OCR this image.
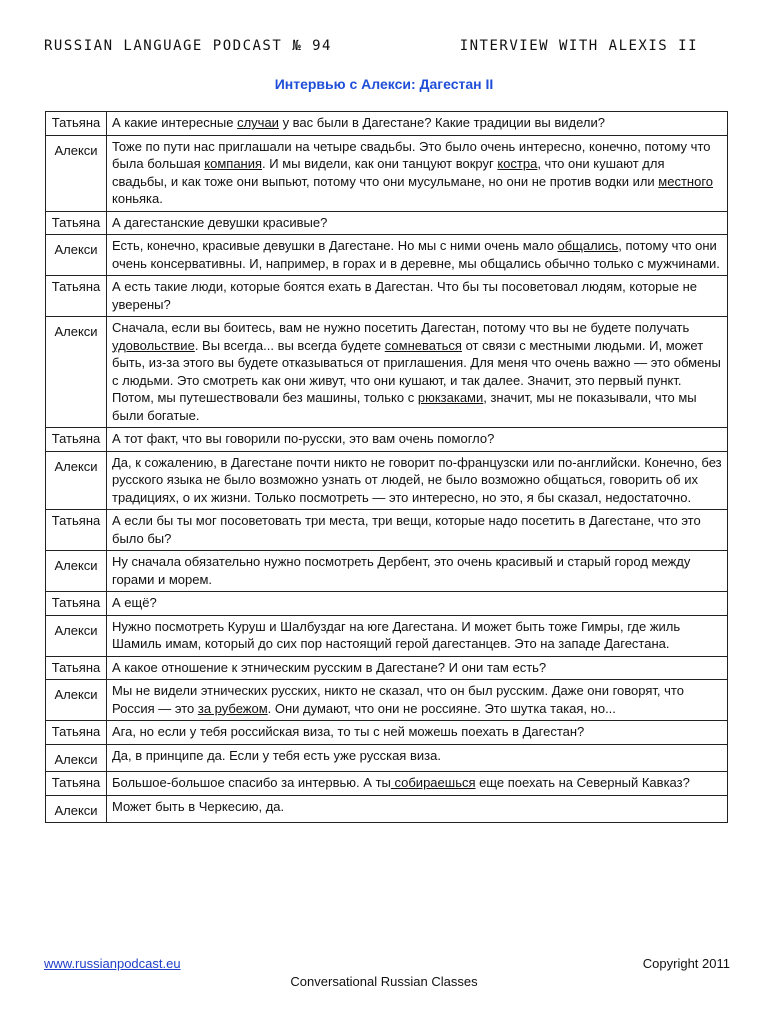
RUSSIAN LANGUAGE PODCAST № 94	INTERVIEW WITH ALEXIS II
Интервью с Алекси: Дагестан II
Татьяна	А какие интересные случаи у вас были в Дагестане? Какие традиции вы видели?
Алекси	Тоже по пути нас приглашали на четыре свадьбы. Это было очень интересно, конечно, потому что была большая компания. И мы видели, как они танцуют вокруг костра, что они кушают для свадьбы, и как тоже они выпьют, потому что они мусульмане, но они не против водки или местного коньяка.
Татьяна	А дагестанские девушки красивые?
Алекси	Есть, конечно, красивые девушки в Дагестане. Но мы с ними очень мало общались, потому что они очень консервативны. И, например, в горах и в деревне, мы общались обычно только с мужчинами.
Татьяна	А есть такие люди, которые боятся ехать в Дагестан. Что бы ты посоветовал людям, которые не уверены?
Алекси	Сначала, если вы боитесь, вам не нужно посетить Дагестан, потому что вы не будете получать удовольствие. Вы всегда... вы всегда будете сомневаться от связи с местными людьми. И, может быть, из-за этого вы будете отказываться от приглашения. Для меня что очень важно — это обмены с людьми. Это смотреть как они живут, что они кушают, и так далее. Значит, это первый пункт. Потом, мы путешествовали без машины, только с рюкзаками, значит, мы не показывали, что мы были богатые.
Татьяна	А тот факт, что вы говорили по-русски, это вам очень помогло?
Алекси	Да, к сожалению, в Дагестане почти никто не говорит по-французски или по-английски. Конечно, без русского языка не было возможно узнать от людей, не было возможно общаться, говорить об их традициях, о их жизни. Только посмотреть — это интересно, но это, я бы сказал, недостаточно.
Татьяна	А если бы ты мог посоветовать три места, три вещи, которые надо посетить в Дагестане, что это было бы?
Алекси	Ну сначала обязательно нужно посмотреть Дербент, это очень красивый и старый город между горами и морем.
Татьяна	А ещё?
Алекси	Нужно посмотреть Куруш и Шалбуздаг на юге Дагестана. И может быть тоже Гимры, где жиль Шамиль имам, который до сих пор настоящий герой дагестанцев. Это на западе Дагестана.
Татьяна	А какое отношение к этническим русским в Дагестане? И они там есть?
Алекси	Мы не видели этнических русских, никто не сказал, что он был русским. Даже они говорят, что Россия — это за рубежом. Они думают, что они не россияне. Это шутка такая, но...
Татьяна	Ага, но если у тебя российская виза, то ты с ней можешь поехать в Дагестан?
Алекси	Да, в принципе да. Если у тебя есть уже русская виза.
Татьяна	Большое-большое спасибо за интервью. А ты собираешься еще поехать на Северный Кавказ?
Алекси	Может быть в Черкесию, да.
www.russianpodcast.eu	Copyright 2011
Conversational Russian Classes
